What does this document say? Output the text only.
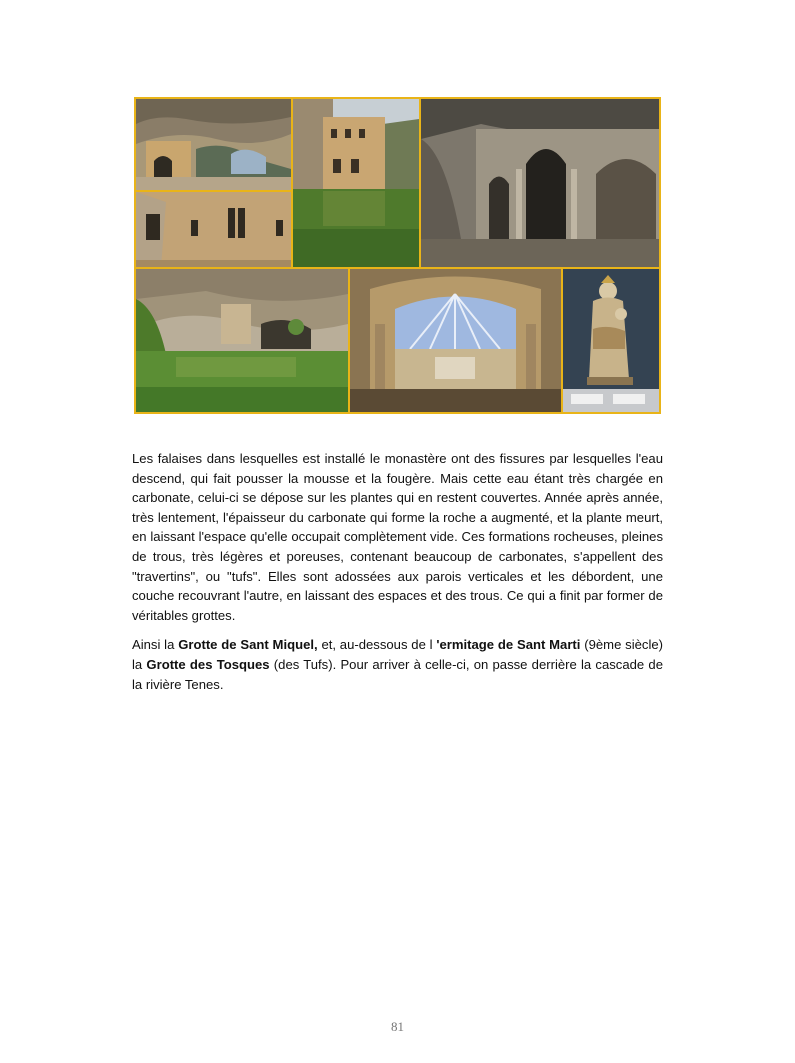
Les falaises dans lesquelles est installé le monastère ont des fissures par lesquelles l'eau descend, qui fait pousser la mousse et la fougère. Mais cette eau étant très chargée en carbonate, celui-ci se dépose sur les plantes qui en restent couvertes. Année après année, très lentement, l'épaisseur du carbonate qui forme la roche a augmenté, et la plante meurt, en laissant l'espace qu'elle occupait complètement vide. Ces formations rocheuses, pleines de trous, très légères et poreuses, contenant beaucoup de carbonates, s'appellent des "travertins", ou "tufs". Elles sont adossées aux parois verticales et les débordent, une couche recouvrant l'autre, en laissant des espaces et des trous. Ce qui a finit par former de véritables grottes.

Ainsi la Grotte de Sant Miquel, et, au-dessous de l 'ermitage de Sant Marti (9ème siècle) la Grotte des Tosques (des Tufs). Pour arriver à celle-ci, on passe derrière la cascade de la rivière Tenes.

81
